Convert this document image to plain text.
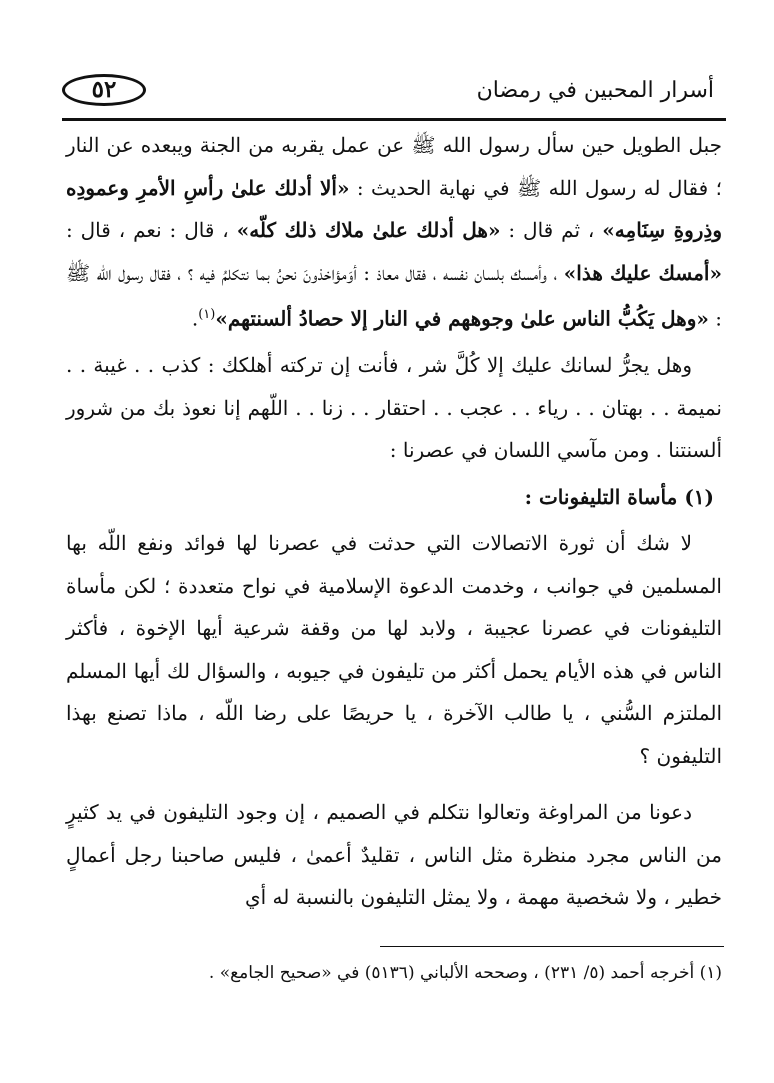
٥٢	أسرار المحبين في رمضان

جبل الطويل حين سأل رسول الله ﷺ عن عمل يقربه من الجنة ويبعده عن النار ؛ فقال له رسول الله ﷺ في نهاية الحديث : «ألا أدلك علىٰ رأسِ الأمرِ وعمودِه وذِروةِ سِنَامِه» ، ثم قال : «هل أدلك علىٰ ملاك ذلك كلّه» ، قال : نعم ، قال : «أمسك عليك هذا» ، وأمسك بلسان نفسه ، فقال معاذ : أوَمؤاخذونَ نحنُ بما نتكلمُ فيه ؟ ، فقال رسول الله ﷺ : «وهل يَكُبُّ الناس علىٰ وجوههم في النار إلا حصادُ ألسنتهم»$^{(١)}$.

وهل يجرُّ لسانك عليك إلا كُلَّ شر ، فأنت إن تركته أهلكك : كذب . . غيبة . . نميمة . . بهتان . . رياء . . عجب . . احتقار . . زنا . . اللّهم إنا نعوذ بك من شرور ألسنتنا . ومن مآسي اللسان في عصرنا :

(١) مأساة التليفونات :

لا شك أن ثورة الاتصالات التي حدثت في عصرنا لها فوائد ونفع اللّه بها المسلمين في جوانب ، وخدمت الدعوة الإسلامية في نواح متعددة ؛ لكن مأساة التليفونات في عصرنا عجيبة ، ولابد لها من وقفة شرعية أيها الإخوة ، فأكثر الناس في هذه الأيام يحمل أكثر من تليفون في جيوبه ، والسؤال لك أيها المسلم الملتزم السُّني ، يا طالب الآخرة ، يا حريصًا على رضا اللّه ، ماذا تصنع بهذا التليفون ؟

دعونا من المراوغة وتعالوا نتكلم في الصميم ، إن وجود التليفون في يد كثيرٍ من الناس مجرد منظرة مثل الناس ، تقليدٌ أعمىٰ ، فليس صاحبنا رجل أعمالٍ خطير ، ولا شخصية مهمة ، ولا يمثل التليفون بالنسبة له أي

(١) أخرجه أحمد (٥/ ٢٣١) ، وصححه الألباني (٥١٣٦) في «صحيح الجامع» .
